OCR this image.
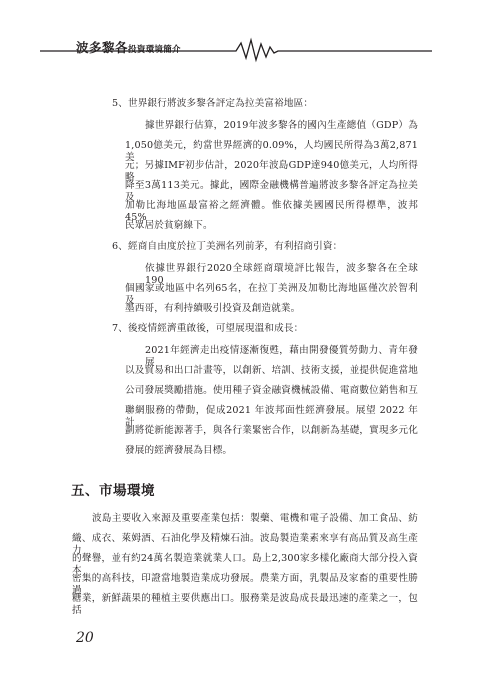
波多黎各投資環境簡介
5、世界銀行將波多黎各評定為拉美富裕地區：
據世界銀行估算，2019年波多黎各的國內生產總值（GDP）為
1,050億美元，約當世界經濟的0.09%，人均國民所得為3萬2,871美
元；另據IMF初步估計，2020年波島GDP達940億美元，人均所得略
降至3萬113美元。據此，國際金融機構普遍將波多黎各評定為拉美及
加勒比海地區最富裕之經濟體。惟依據美國國民所得標準，波邦45%
民眾居於貧窮線下。
6、經商自由度於拉丁美洲名列前茅，有利招商引資：
依據世界銀行2020全球經商環境評比報告，波多黎各在全球190
個國家或地區中名列65名，在拉丁美洲及加勒比海地區僅次於智利及
墨西哥，有利持續吸引投資及創造就業。
7、後疫情經濟重啟後，可望展現溫和成長：
2021年經濟走出疫情逐漸復甦，藉由開發優質勞動力、青年發展
以及貿易和出口計畫等，以創新、培訓、技術支援，並提供促進當地
公司發展獎勵措施。使用種子資金融資機械設備、電商數位銷售和互
聯網服務的帶動，促成2021 年波邦面性經濟發展。展望 2022 年計
劃將從新能源著手，與各行業緊密合作，以創新為基礎，實現多元化
發展的經濟發展為目標。
五、市場環境
波島主要收入來源及重要產業包括：製藥、電機和電子設備、加工食品、紡
織、成衣、萊姆酒、石油化學及精煉石油。波島製造業素來享有高品質及高生產力
的聲譽，並有約24萬名製造業就業人口。島上2,300家多樣化廠商大部分投入資本
密集的高科技，印證當地製造業成功發展。農業方面，乳製品及家畜的重要性勝過
糖業，新鮮蔬果的種植主要供應出口。服務業是波島成長最迅速的產業之一，包括
20
